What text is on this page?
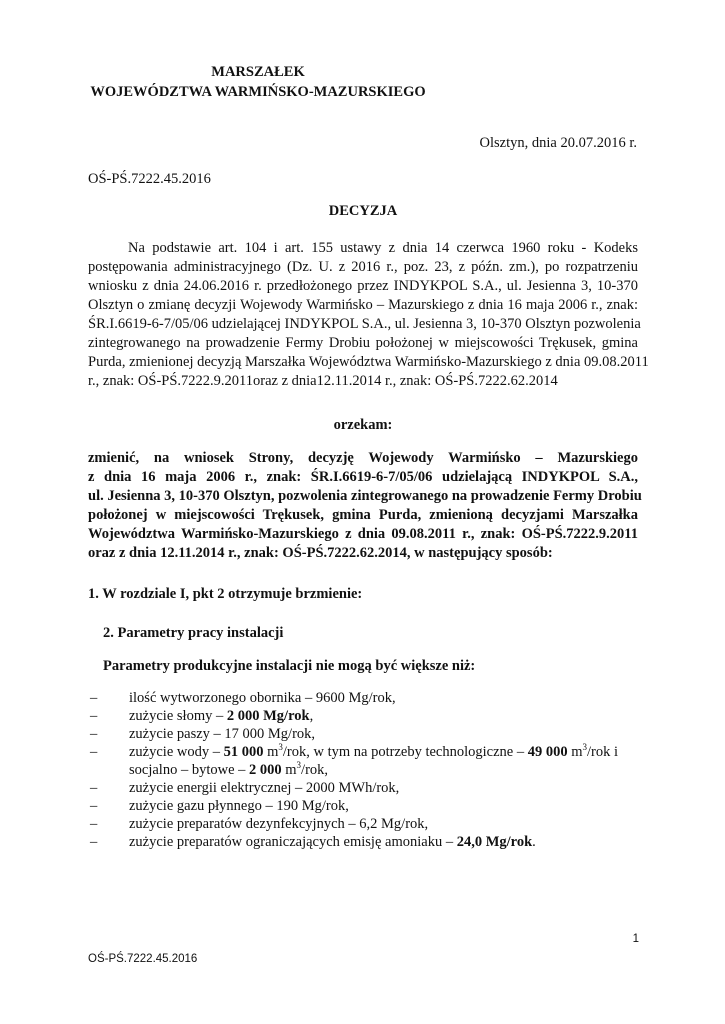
MARSZAŁEK
WOJEWÓDZTWA WARMIŃSKO-MAZURSKIEGO
Olsztyn, dnia 20.07.2016 r.
OŚ-PŚ.7222.45.2016
DECYZJA
Na podstawie art. 104 i art. 155 ustawy z dnia 14 czerwca 1960 roku - Kodeks
postępowania administracyjnego (Dz. U. z 2016 r., poz. 23, z późn. zm.), po rozpatrzeniu
wniosku z dnia 24.06.2016 r. przedłożonego przez INDYKPOL S.A., ul. Jesienna 3, 10-370
Olsztyn o zmianę decyzji Wojewody Warmińsko – Mazurskiego z dnia 16 maja 2006 r., znak:
ŚR.I.6619-6-7/05/06 udzielającej INDYKPOL S.A., ul. Jesienna 3, 10-370 Olsztyn pozwolenia
zintegrowanego na prowadzenie Fermy Drobiu położonej w miejscowości Trękusek, gmina
Purda, zmienionej decyzją Marszałka Województwa Warmińsko-Mazurskiego z dnia 09.08.2011
r., znak: OŚ-PŚ.7222.9.2011oraz z dnia12.11.2014 r., znak: OŚ-PŚ.7222.62.2014
orzekam:
zmienić, na wniosek Strony, decyzję Wojewody Warmińsko – Mazurskiego
z dnia 16 maja 2006 r., znak: ŚR.I.6619-6-7/05/06 udzielającą INDYKPOL S.A.,
ul. Jesienna 3, 10-370 Olsztyn, pozwolenia zintegrowanego na prowadzenie Fermy Drobiu
położonej w miejscowości Trękusek, gmina Purda, zmienioną decyzjami Marszałka
Województwa Warmińsko-Mazurskiego z dnia 09.08.2011 r., znak: OŚ-PŚ.7222.9.2011
oraz z dnia 12.11.2014 r., znak: OŚ-PŚ.7222.62.2014, w następujący sposób:
1. W rozdziale I, pkt 2 otrzymuje brzmienie:
2. Parametry pracy instalacji
Parametry produkcyjne instalacji nie mogą być większe niż:
– ilość wytworzonego obornika – 9600 Mg/rok,
– zużycie słomy – 2 000 Mg/rok,
– zużycie paszy – 17 000 Mg/rok,
– zużycie wody – 51 000 $m^3$/rok, w tym na potrzeby technologiczne – 49 000 $m^3$/rok i
socjalno – bytowe – 2 000 $m^3$/rok,
– zużycie energii elektrycznej – 2000 MWh/rok,
– zużycie gazu płynnego – 190 Mg/rok,
– zużycie preparatów dezynfekcyjnych – 6,2 Mg/rok,
– zużycie preparatów ograniczających emisję amoniaku – 24,0 Mg/rok.
1
OŚ-PŚ.7222.45.2016
